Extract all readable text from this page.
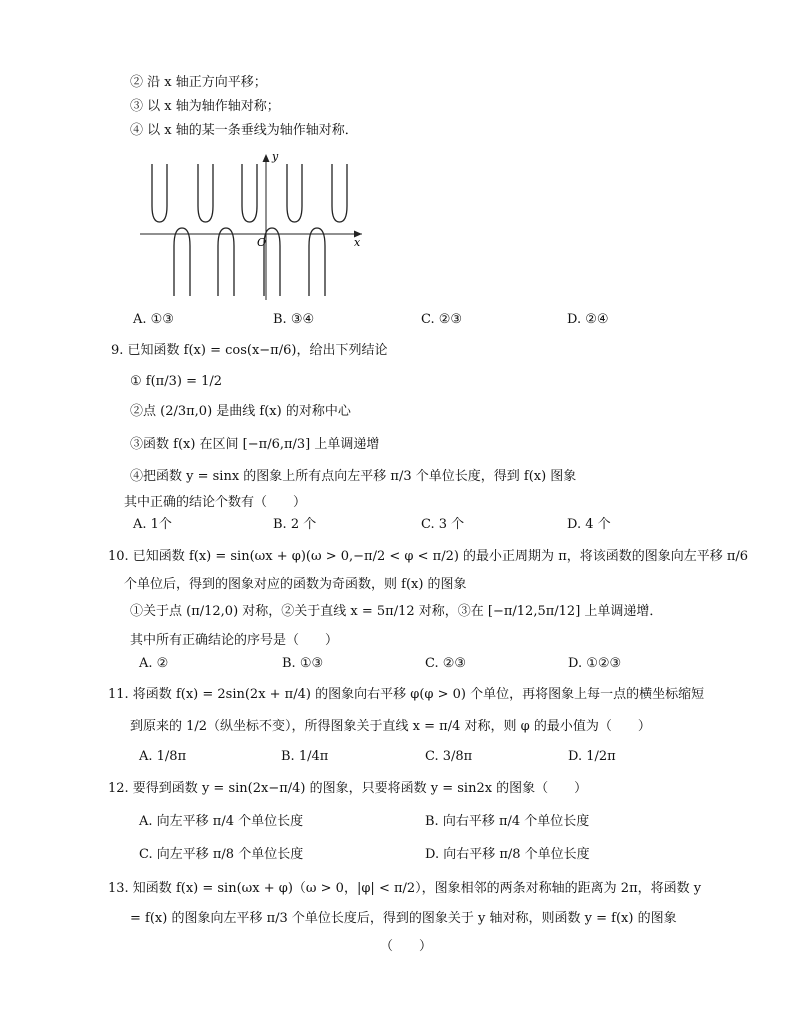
② 沿 x 轴正方向平移；
③ 以 x 轴为轴作轴对称；
④ 以 x 轴的某一条垂线为轴作轴对称．
y
x
O
A. ①③	B. ③④	C. ②③	D. ②④
9. 已知函数 f(x) = cos(x−π/6)，给出下列结论
① f(π/3) = 1/2
②点 (2/3π,0) 是曲线 f(x) 的对称中心
③函数 f(x) 在区间 [−π/6,π/3] 上单调递增
④把函数 y = sinx 的图象上所有点向左平移 π/3 个单位长度，得到 f(x) 图象
其中正确的结论个数有（　　）
A. 1个	B. 2 个	C. 3 个	D. 4 个
10. 已知函数 f(x) = sin(ωx + φ)(ω > 0,−π/2 < φ < π/2) 的最小正周期为 π，将该函数的图象向左平移 π/6
个单位后，得到的图象对应的函数为奇函数，则 f(x) 的图象
①关于点 (π/12,0) 对称，②关于直线 x = 5π/12 对称，③在 [−π/12,5π/12] 上单调递增．
其中所有正确结论的序号是（　　）
A. ②	B. ①③	C. ②③	D. ①②③
11. 将函数 f(x) = 2sin(2x + π/4) 的图象向右平移 φ(φ > 0) 个单位，再将图象上每一点的横坐标缩短
到原来的 1/2（纵坐标不变），所得图象关于直线 x = π/4 对称，则 φ 的最小值为（　　）
A. 1/8π	B. 1/4π	C. 3/8π	D. 1/2π
12. 要得到函数 y = sin(2x−π/4) 的图象，只要将函数 y = sin2x 的图象（　　）
A. 向左平移 π/4 个单位长度	B. 向右平移 π/4 个单位长度
C. 向左平移 π/8 个单位长度	D. 向右平移 π/8 个单位长度
13. 知函数 f(x) = sin(ωx + φ)（ω > 0，|φ| < π/2），图象相邻的两条对称轴的距离为 2π，将函数 y
= f(x) 的图象向左平移 π/3 个单位长度后，得到的图象关于 y 轴对称，则函数 y = f(x) 的图象
（　　）
